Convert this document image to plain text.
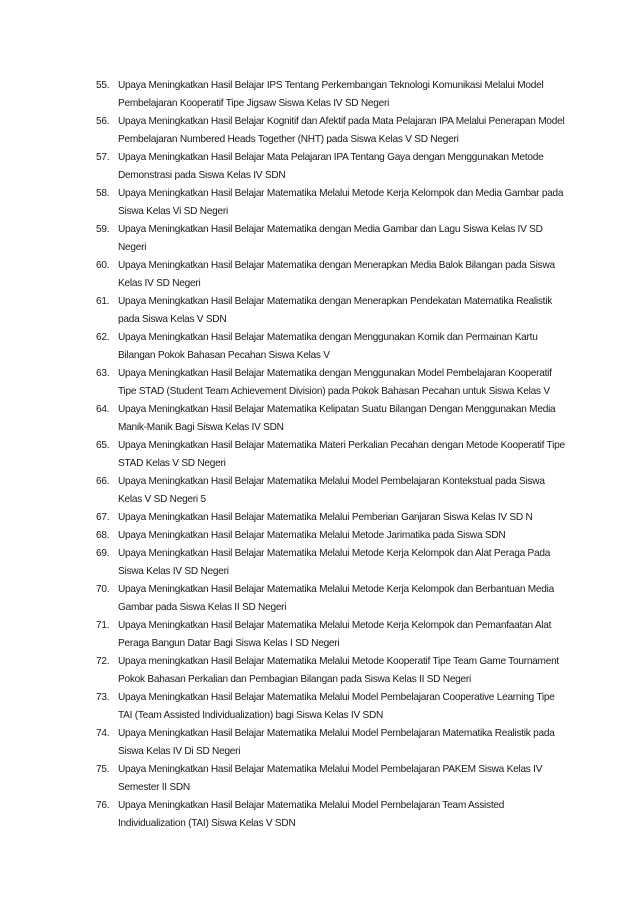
55. Upaya Meningkatkan Hasil Belajar IPS Tentang Perkembangan Teknologi Komunikasi Melalui Model Pembelajaran Kooperatif Tipe Jigsaw Siswa Kelas IV SD Negeri
56. Upaya Meningkatkan Hasil Belajar Kognitif dan Afektif pada Mata Pelajaran IPA Melalui Penerapan Model Pembelajaran Numbered Heads Together (NHT) pada Siswa Kelas V SD Negeri
57. Upaya Meningkatkan Hasil Belajar Mata Pelajaran IPA Tentang Gaya dengan Menggunakan Metode Demonstrasi pada Siswa Kelas IV SDN
58. Upaya Meningkatkan Hasil Belajar Matematika Melalui Metode Kerja Kelompok dan Media Gambar pada Siswa Kelas Vi SD Negeri
59. Upaya Meningkatkan Hasil Belajar Matematika dengan Media Gambar dan Lagu Siswa Kelas IV SD Negeri
60. Upaya Meningkatkan Hasil Belajar Matematika dengan Menerapkan Media Balok Bilangan pada Siswa Kelas IV SD Negeri
61. Upaya Meningkatkan Hasil Belajar Matematika dengan Menerapkan Pendekatan Matematika Realistik pada Siswa Kelas V SDN
62. Upaya Meningkatkan Hasil Belajar Matematika dengan Menggunakan Komik dan Permainan Kartu Bilangan Pokok Bahasan Pecahan Siswa Kelas V
63. Upaya Meningkatkan Hasil Belajar Matematika dengan Menggunakan Model Pembelajaran Kooperatif Tipe STAD (Student Team Achievement Division) pada Pokok Bahasan Pecahan untuk Siswa Kelas V
64. Upaya Meningkatkan Hasil Belajar Matematika Kelipatan Suatu Bilangan Dengan Menggunakan Media Manik-Manik Bagi Siswa Kelas IV SDN
65. Upaya Meningkatkan Hasil Belajar Matematika Materi Perkalian Pecahan dengan Metode Kooperatif Tipe STAD Kelas V SD Negeri
66. Upaya Meningkatkan Hasil Belajar Matematika Melalui Model Pembelajaran Kontekstual pada Siswa Kelas V SD Negeri 5
67. Upaya Meningkatkan Hasil Belajar Matematika Melalui Pemberian Ganjaran Siswa Kelas IV SD N
68. Upaya Meningkatkan Hasil Belajar Matematika Melalui Metode Jarimatika pada Siswa SDN
69. Upaya Meningkatkan Hasil Belajar Matematika Melalui Metode Kerja Kelompok dan Alat Peraga Pada Siswa Kelas IV SD Negeri
70. Upaya Meningkatkan Hasil Belajar Matematika Melalui Metode Kerja Kelompok dan Berbantuan Media Gambar pada Siswa Kelas II SD Negeri
71. Upaya Meningkatkan Hasil Belajar Matematika Melalui Metode Kerja Kelompok dan Pemanfaatan Alat Peraga Bangun Datar Bagi Siswa Kelas I SD Negeri
72. Upaya meningkatkan Hasil Belajar Matematika Melalui Metode Kooperatif Tipe Team Game Tournament Pokok Bahasan Perkalian dan Pembagian Bilangan pada Siswa Kelas II SD Negeri
73. Upaya Meningkatkan Hasil Belajar Matematika Melalui Model Pembelajaran Cooperative Learning Tipe TAI (Team Assisted Individualization) bagi Siswa Kelas IV SDN
74. Upaya Meningkatkan Hasil Belajar Matematika Melalui Model Pembelajaran Matematika Realistik pada Siswa Kelas IV Di SD Negeri
75. Upaya Meningkatkan Hasil Belajar Matematika Melalui Model Pembelajaran PAKEM Siswa Kelas IV Semester II SDN
76. Upaya Meningkatkan Hasil Belajar Matematika Melalui Model Pembelajaran Team Assisted Individualization (TAI) Siswa Kelas V SDN
